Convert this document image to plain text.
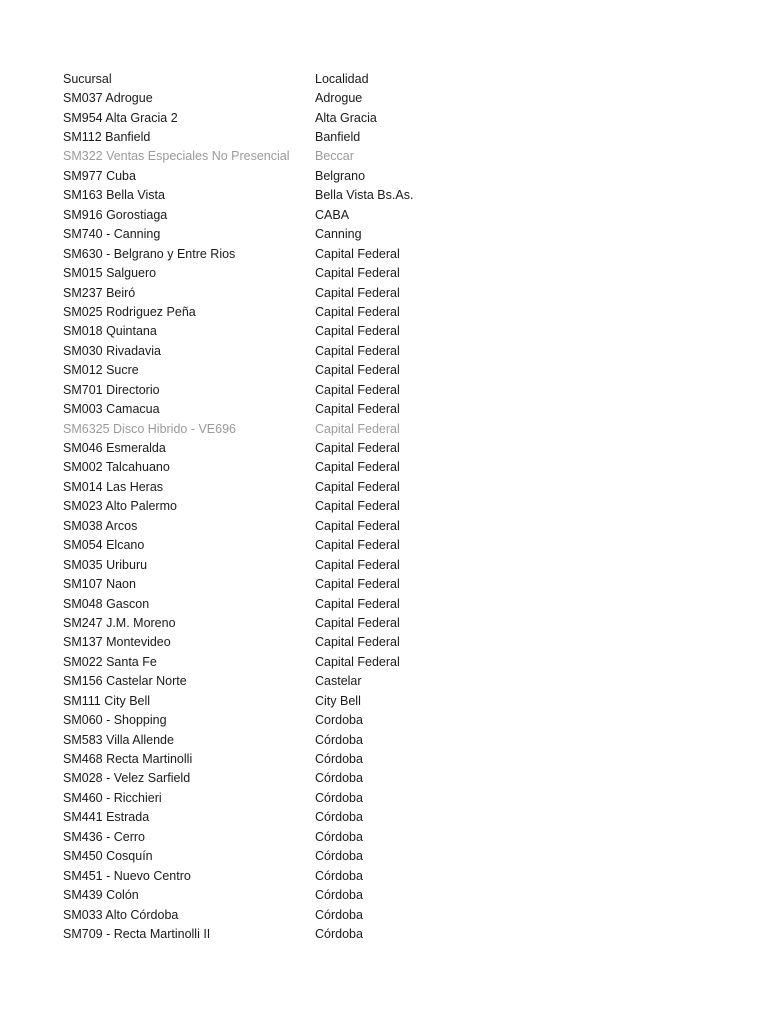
Sucursal	Localidad
SM037 Adrogue	Adrogue
SM954 Alta Gracia 2	Alta Gracia
SM112 Banfield	Banfield
SM322 Ventas Especiales No Presencial	Beccar
SM977 Cuba	Belgrano
SM163 Bella Vista	Bella Vista Bs.As.
SM916 Gorostiaga	CABA
SM740 - Canning	Canning
SM630 - Belgrano y Entre Rios	Capital Federal
SM015 Salguero	Capital Federal
SM237 Beiró	Capital Federal
SM025 Rodriguez Peña	Capital Federal
SM018 Quintana	Capital Federal
SM030 Rivadavia	Capital Federal
SM012 Sucre	Capital Federal
SM701 Directorio	Capital Federal
SM003 Camacua	Capital Federal
SM6325 Disco Hibrido - VE696	Capital Federal
SM046 Esmeralda	Capital Federal
SM002 Talcahuano	Capital Federal
SM014 Las Heras	Capital Federal
SM023 Alto Palermo	Capital Federal
SM038 Arcos	Capital Federal
SM054 Elcano	Capital Federal
SM035 Uriburu	Capital Federal
SM107 Naon	Capital Federal
SM048 Gascon	Capital Federal
SM247 J.M. Moreno	Capital Federal
SM137 Montevideo	Capital Federal
SM022 Santa Fe	Capital Federal
SM156 Castelar Norte	Castelar
SM111 City Bell	City Bell
SM060 - Shopping	Cordoba
SM583 Villa Allende	Córdoba
SM468 Recta Martinolli	Córdoba
SM028 - Velez Sarfield	Córdoba
SM460 - Ricchieri	Córdoba
SM441 Estrada	Córdoba
SM436 - Cerro	Córdoba
SM450 Cosquín	Córdoba
SM451 - Nuevo Centro	Córdoba
SM439 Colón	Córdoba
SM033 Alto Córdoba	Córdoba
SM709 - Recta Martinolli II	Córdoba
